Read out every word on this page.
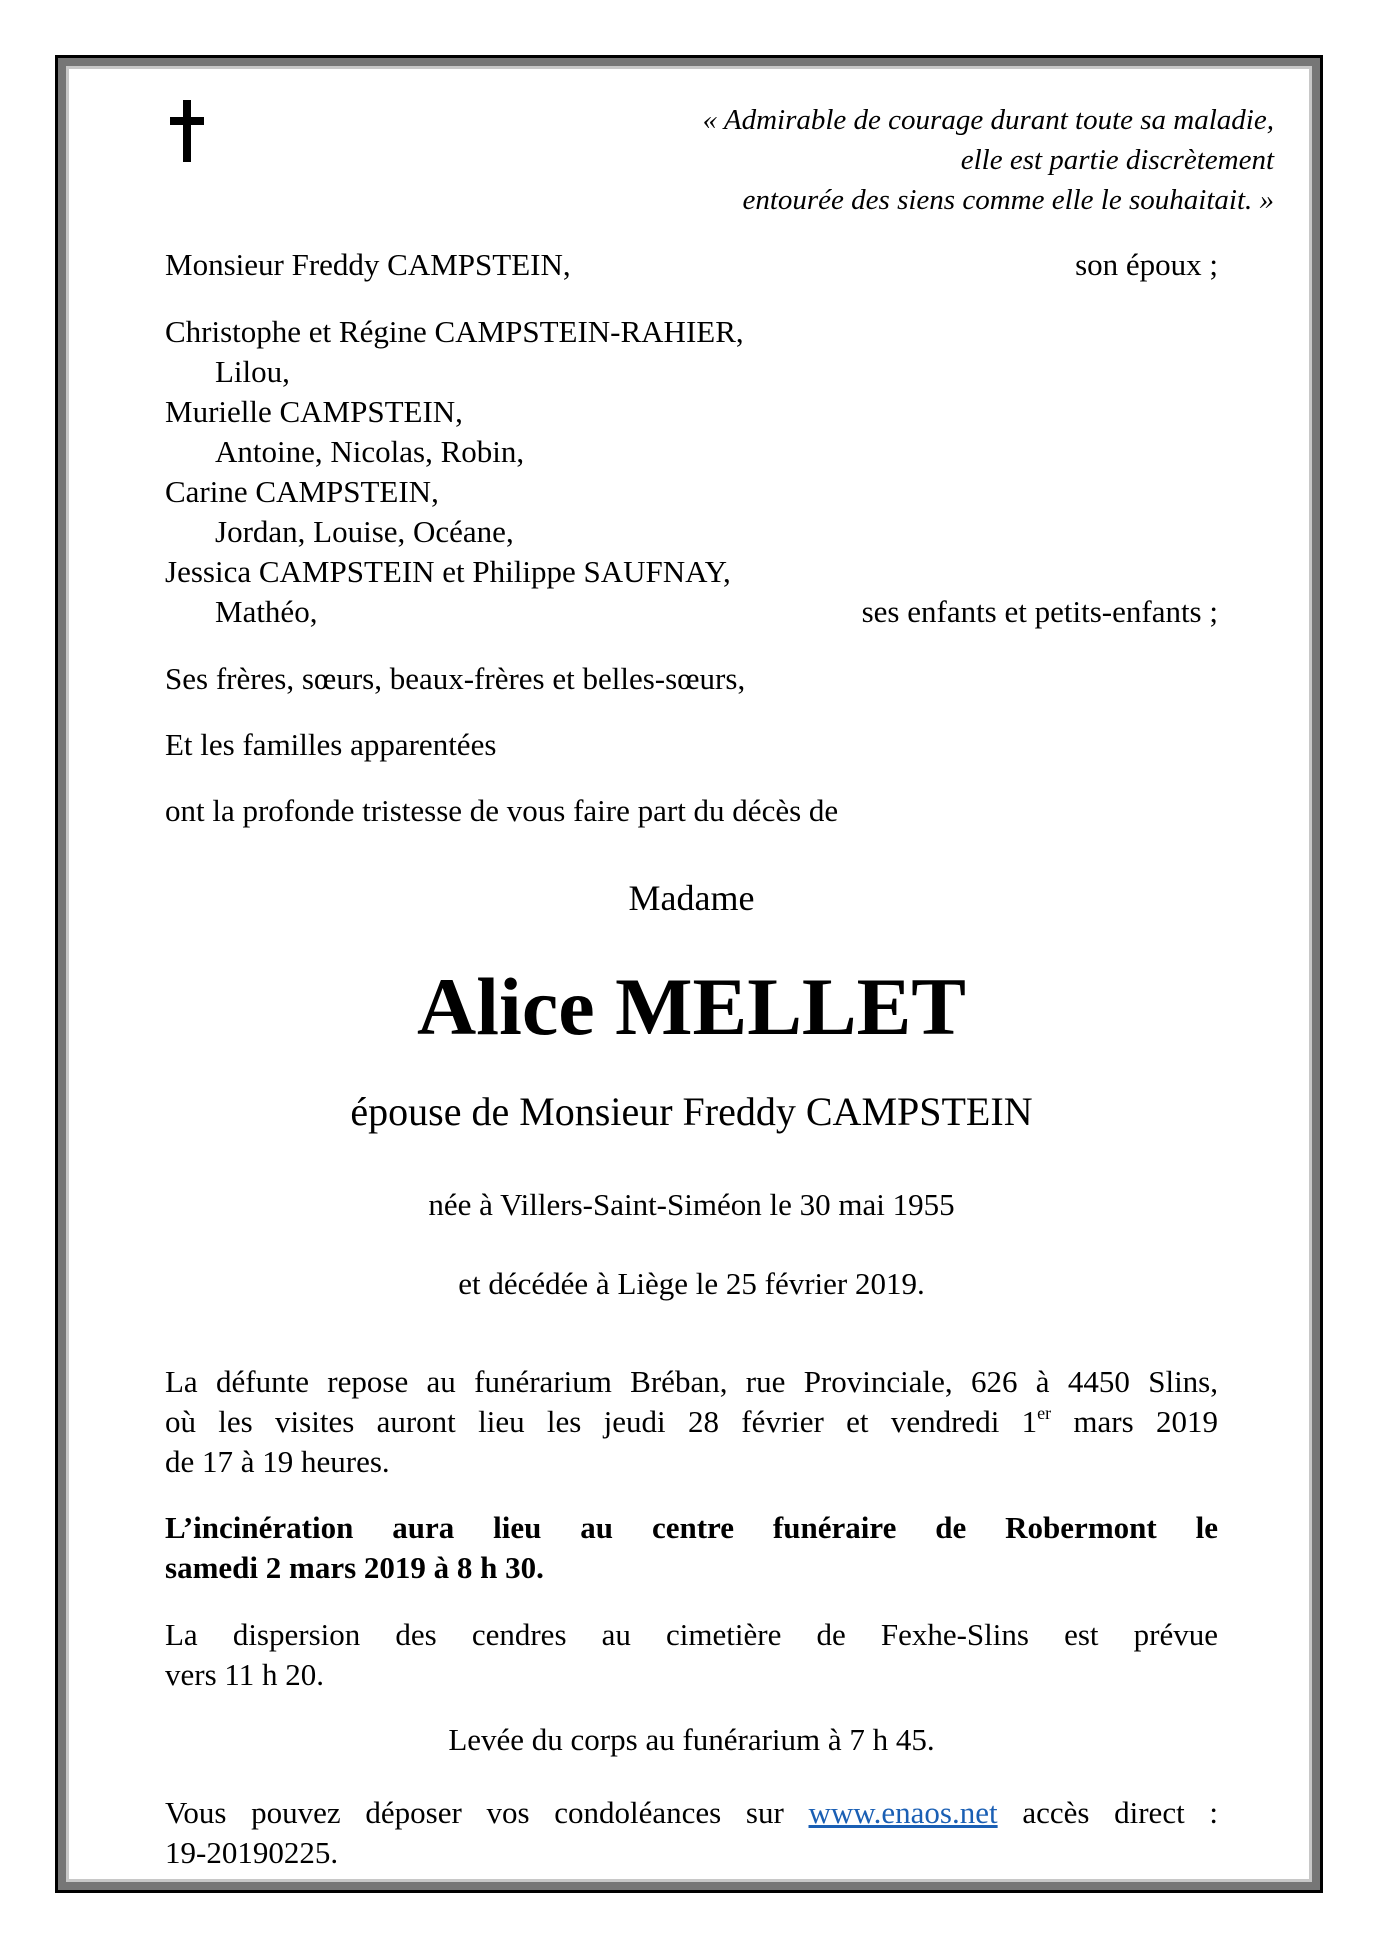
« Admirable de courage durant toute sa maladie,
elle est partie discrètement
entourée des siens comme elle le souhaitait. »
Monsieur Freddy CAMPSTEIN,	son époux ;
Christophe et Régine CAMPSTEIN-RAHIER,
Lilou,
Murielle CAMPSTEIN,
Antoine, Nicolas, Robin,
Carine CAMPSTEIN,
Jordan, Louise, Océane,
Jessica CAMPSTEIN et Philippe SAUFNAY,
Mathéo,	ses enfants et petits-enfants ;
Ses frères, sœurs, beaux-frères et belles-sœurs,
Et les familles apparentées
ont la profonde tristesse de vous faire part du décès de
Madame
Alice MELLET
épouse de Monsieur Freddy CAMPSTEIN
née à Villers-Saint-Siméon le 30 mai 1955
et décédée à Liège le 25 février 2019.
La défunte repose au funérarium Bréban, rue Provinciale, 626 à 4450 Slins,
où les visites auront lieu les jeudi 28 février et vendredi 1er mars 2019
de 17 à 19 heures.
L’incinération aura lieu au centre funéraire de Robermont le
samedi 2 mars 2019 à 8 h 30.
La dispersion des cendres au cimetière de Fexhe-Slins est prévue
vers 11 h 20.
Levée du corps au funérarium à 7 h 45.
Vous pouvez déposer vos condoléances sur www.enaos.net accès direct :
19-20190225.
